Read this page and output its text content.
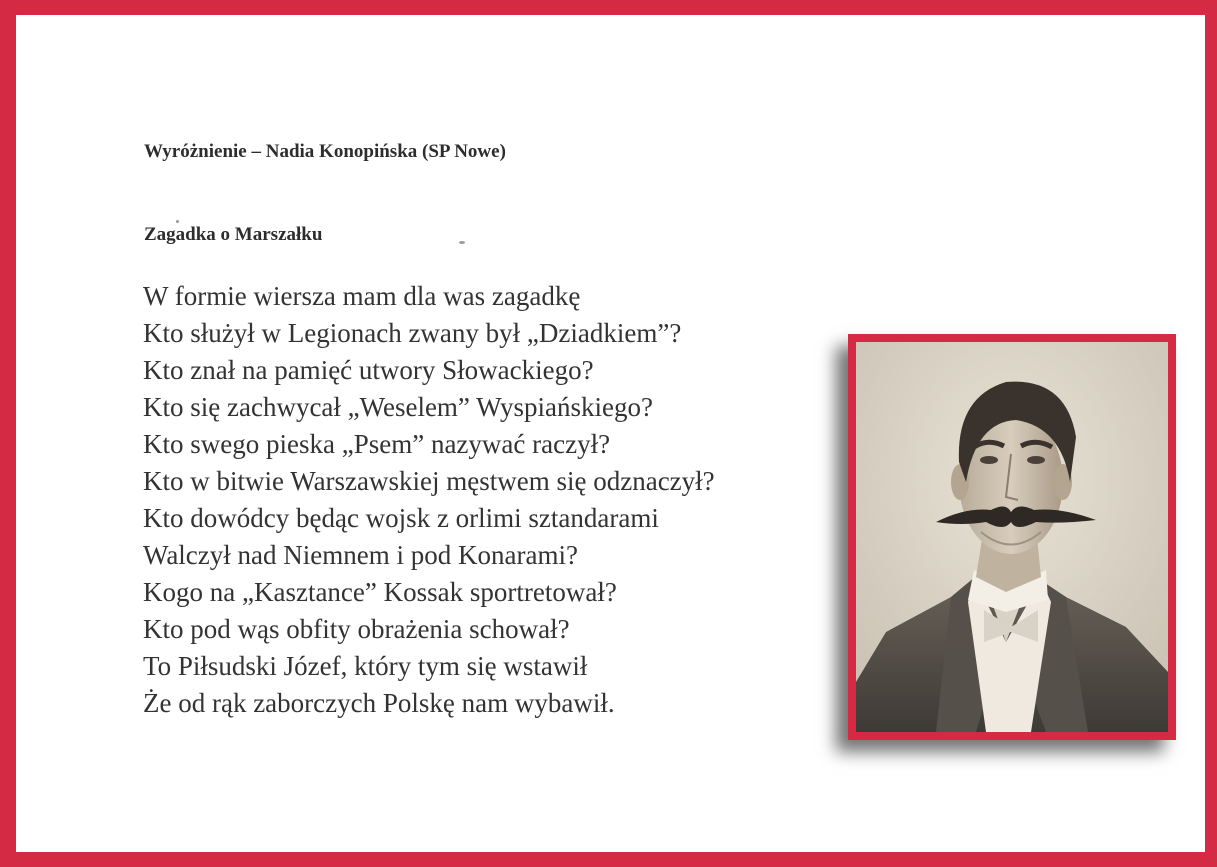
Wyróżnienie – Nadia Konopińska (SP Nowe)
Zagadka o Marszałku
W formie wiersza mam dla was zagadkę
Kto służył w Legionach zwany był „Dziadkiem”?
Kto znał na pamięć utwory Słowackiego?
Kto się zachwycał „Weselem” Wyspiańskiego?
Kto swego pieska „Psem” nazywać raczył?
Kto w bitwie Warszawskiej męstwem się odznaczył?
Kto dowódcy będąc wojsk z orlimi sztandarami
Walczył nad Niemnem i pod Konarami?
Kogo na „Kasztance” Kossak sportretował?
Kto pod wąs obfity obrażenia schował?
To Piłsudski Józef, który tym się wstawił
Że od rąk zaborczych Polskę nam wybawił.
